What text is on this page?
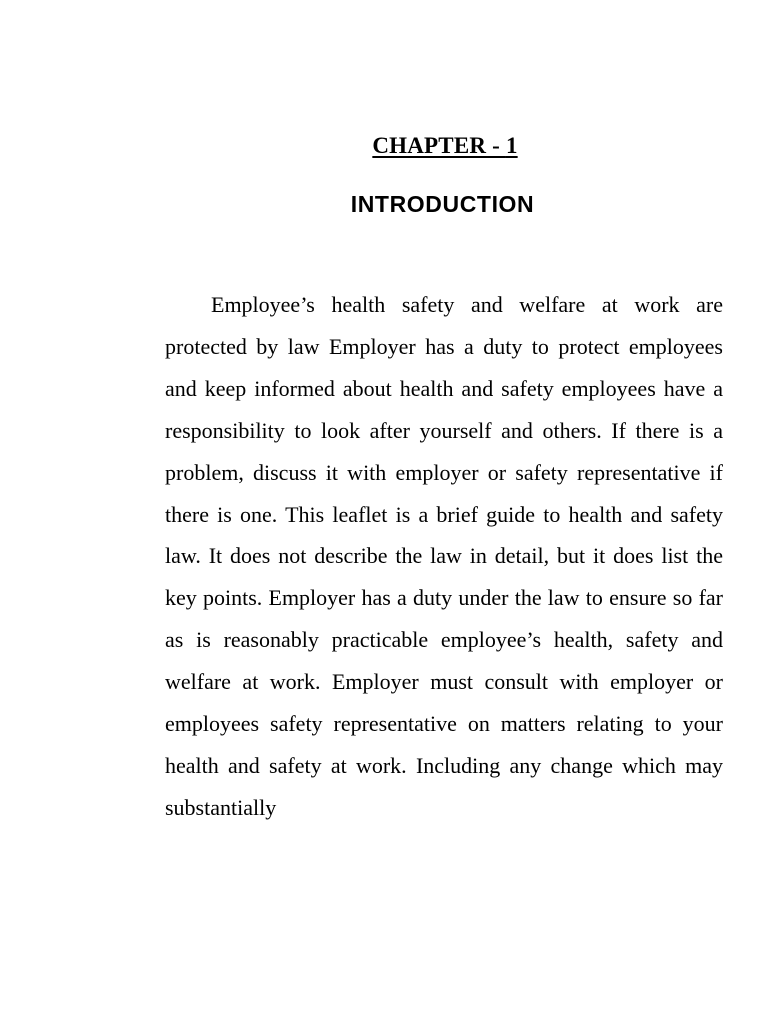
CHAPTER - 1
INTRODUCTION

Employee’s health safety and welfare at work are protected by law Employer has a duty to protect employees and keep informed about health and safety employees have a responsibility to look after yourself and others. If there is a problem, discuss it with employer or safety representative if there is one. This leaflet is a brief guide to health and safety law. It does not describe the law in detail, but it does list the key points. Employer has a duty under the law to ensure so far as is reasonably practicable employee’s health, safety and welfare at work. Employer must consult with employer or employees safety representative on matters relating to your health and safety at work. Including any change which may substantially
